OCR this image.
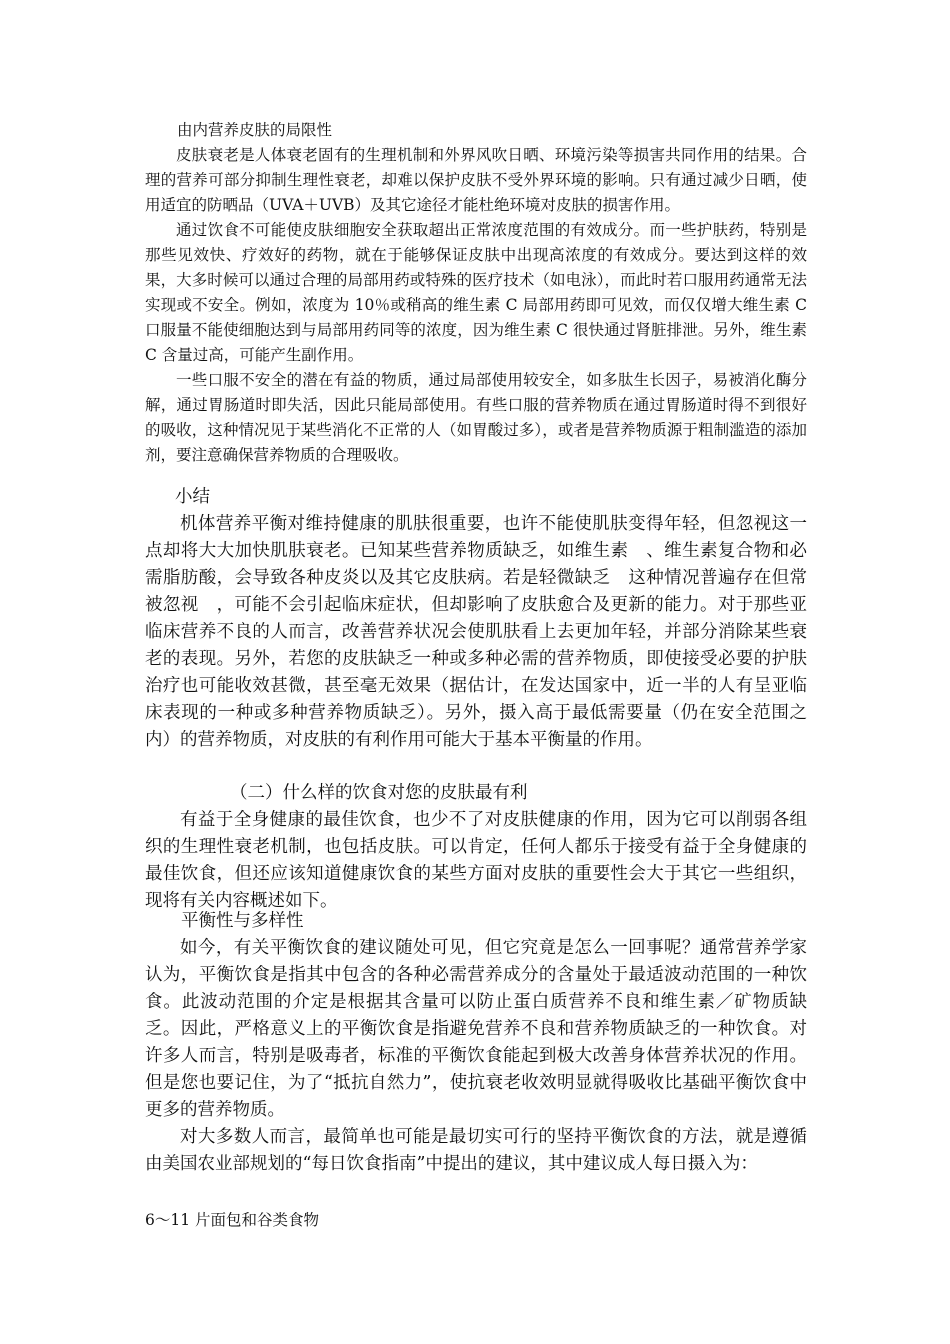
由内营养皮肤的局限性

皮肤衰老是人体衰老固有的生理机制和外界风吹日晒、环境污染等损害共同作用的结果。合理的营养可部分抑制生理性衰老，却难以保护皮肤不受外界环境的影响。只有通过减少日晒，使用适宜的防晒品（UVA＋UVB）及其它途径才能杜绝环境对皮肤的损害作用。

通过饮食不可能使皮肤细胞安全获取超出正常浓度范围的有效成分。而一些护肤药，特别是那些见效快、疗效好的药物，就在于能够保证皮肤中出现高浓度的有效成分。要达到这样的效果，大多时候可以通过合理的局部用药或特殊的医疗技术（如电泳），而此时若口服用药通常无法实现或不安全。例如，浓度为 10％或稍高的维生素 C 局部用药即可见效，而仅仅增大维生素 C 口服量不能使细胞达到与局部用药同等的浓度，因为维生素 C 很快通过肾脏排泄。另外，维生素 C 含量过高，可能产生副作用。

一些口服不安全的潜在有益的物质，通过局部使用较安全，如多肽生长因子，易被消化酶分解，通过胃肠道时即失活，因此只能局部使用。有些口服的营养物质在通过胃肠道时得不到很好的吸收，这种情况见于某些消化不正常的人（如胃酸过多），或者是营养物质源于粗制滥造的添加剂，要注意确保营养物质的合理吸收。

小结

机体营养平衡对维持健康的肌肤很重要，也许不能使肌肤变得年轻，但忽视这一点却将大大加快肌肤衰老。已知某些营养物质缺乏，如维生素　、维生素复合物和必需脂肪酸，会导致各种皮炎以及其它皮肤病。若是轻微缺乏　这种情况普遍存在但常被忽视　，可能不会引起临床症状，但却影响了皮肤愈合及更新的能力。对于那些亚临床营养不良的人而言，改善营养状况会使肌肤看上去更加年轻，并部分消除某些衰老的表现。另外，若您的皮肤缺乏一种或多种必需的营养物质，即使接受必要的护肤治疗也可能收效甚微，甚至毫无效果（据估计，在发达国家中，近一半的人有呈亚临床表现的一种或多种营养物质缺乏）。另外，摄入高于最低需要量（仍在安全范围之内）的营养物质，对皮肤的有利作用可能大于基本平衡量的作用。

（二）什么样的饮食对您的皮肤最有利

有益于全身健康的最佳饮食，也少不了对皮肤健康的作用，因为它可以削弱各组织的生理性衰老机制，也包括皮肤。可以肯定，任何人都乐于接受有益于全身健康的最佳饮食，但还应该知道健康饮食的某些方面对皮肤的重要性会大于其它一些组织，现将有关内容概述如下。

平衡性与多样性

如今，有关平衡饮食的建议随处可见，但它究竟是怎么一回事呢？通常营养学家认为，平衡饮食是指其中包含的各种必需营养成分的含量处于最适波动范围的一种饮食。此波动范围的介定是根据其含量可以防止蛋白质营养不良和维生素／矿物质缺乏。因此，严格意义上的平衡饮食是指避免营养不良和营养物质缺乏的一种饮食。对许多人而言，特别是吸毒者，标准的平衡饮食能起到极大改善身体营养状况的作用。但是您也要记住，为了“抵抗自然力”，使抗衰老收效明显就得吸收比基础平衡饮食中更多的营养物质。

对大多数人而言，最简单也可能是最切实可行的坚持平衡饮食的方法，就是遵循由美国农业部规划的“每日饮食指南”中提出的建议，其中建议成人每日摄入为：

6～11 片面包和谷类食物
